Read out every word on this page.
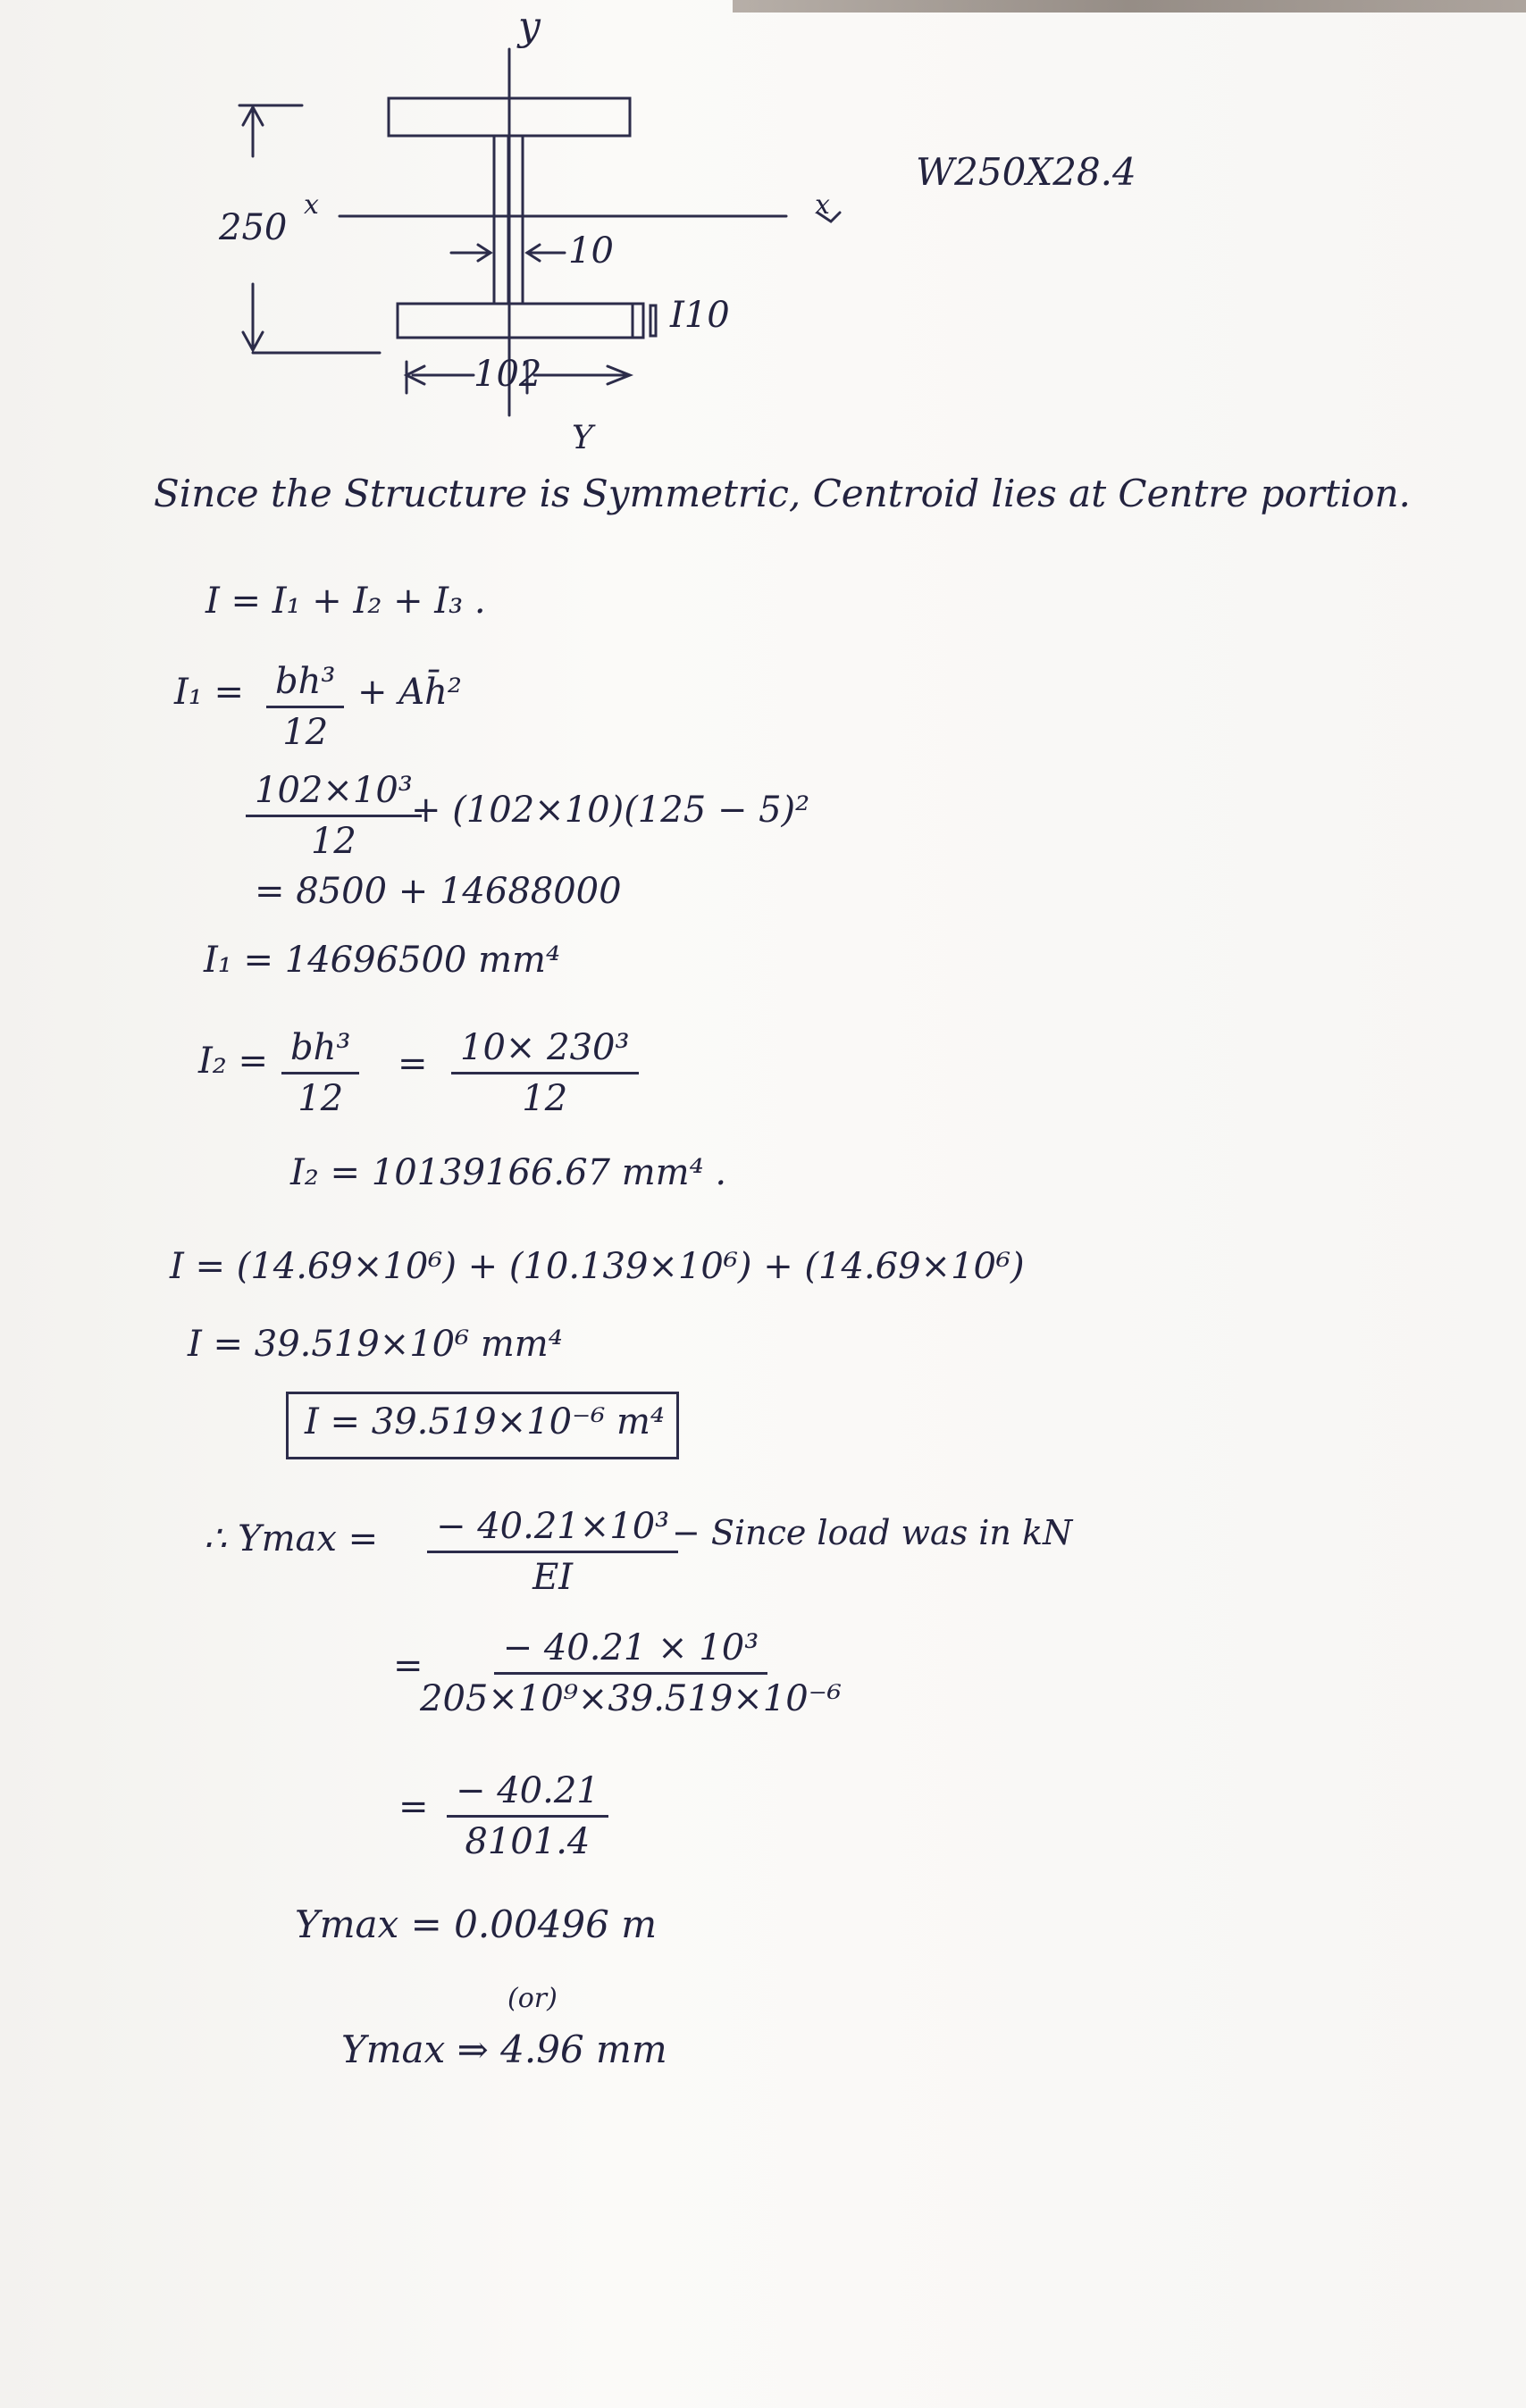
y
x	x
250
10
I10
102
Y
W250X28.4
Since the Structure is Symmetric, Centroid lies at Centre portion.
I = I₁ + I₂ + I₃ .
$I_1 = \frac{\text{bh³}}{12}$ + Ah̄²
$\frac{\text{102×10³}}{12}$
+ (102×10)(125 − 5)²
= 8500 + 14688000
I₁ = 14696500 mm⁴
$I_2 = \frac{\text{bh³}}{12} = \frac{\text{10× 230³}}{12}$
I₂ = 10139166.67 mm⁴ .
I = (14.69×10⁶) + (10.139×10⁶) + (14.69×10⁶)
I = 39.519×10⁶ mm⁴
I = 39.519×10⁻⁶ m⁴
∴ $Ymax = \frac{\text{− 40.21×10³}}{EI}$
− Since load was in kN
=
$\frac{\text{− 40.21 × 10³}}{\text{205×10⁹×39.519×10⁻⁶}}$
= $\frac{- 40.21}{8101.4}$
Ymax = 0.00496 m
(or)
Ymax ⇒ 4.96 mm
